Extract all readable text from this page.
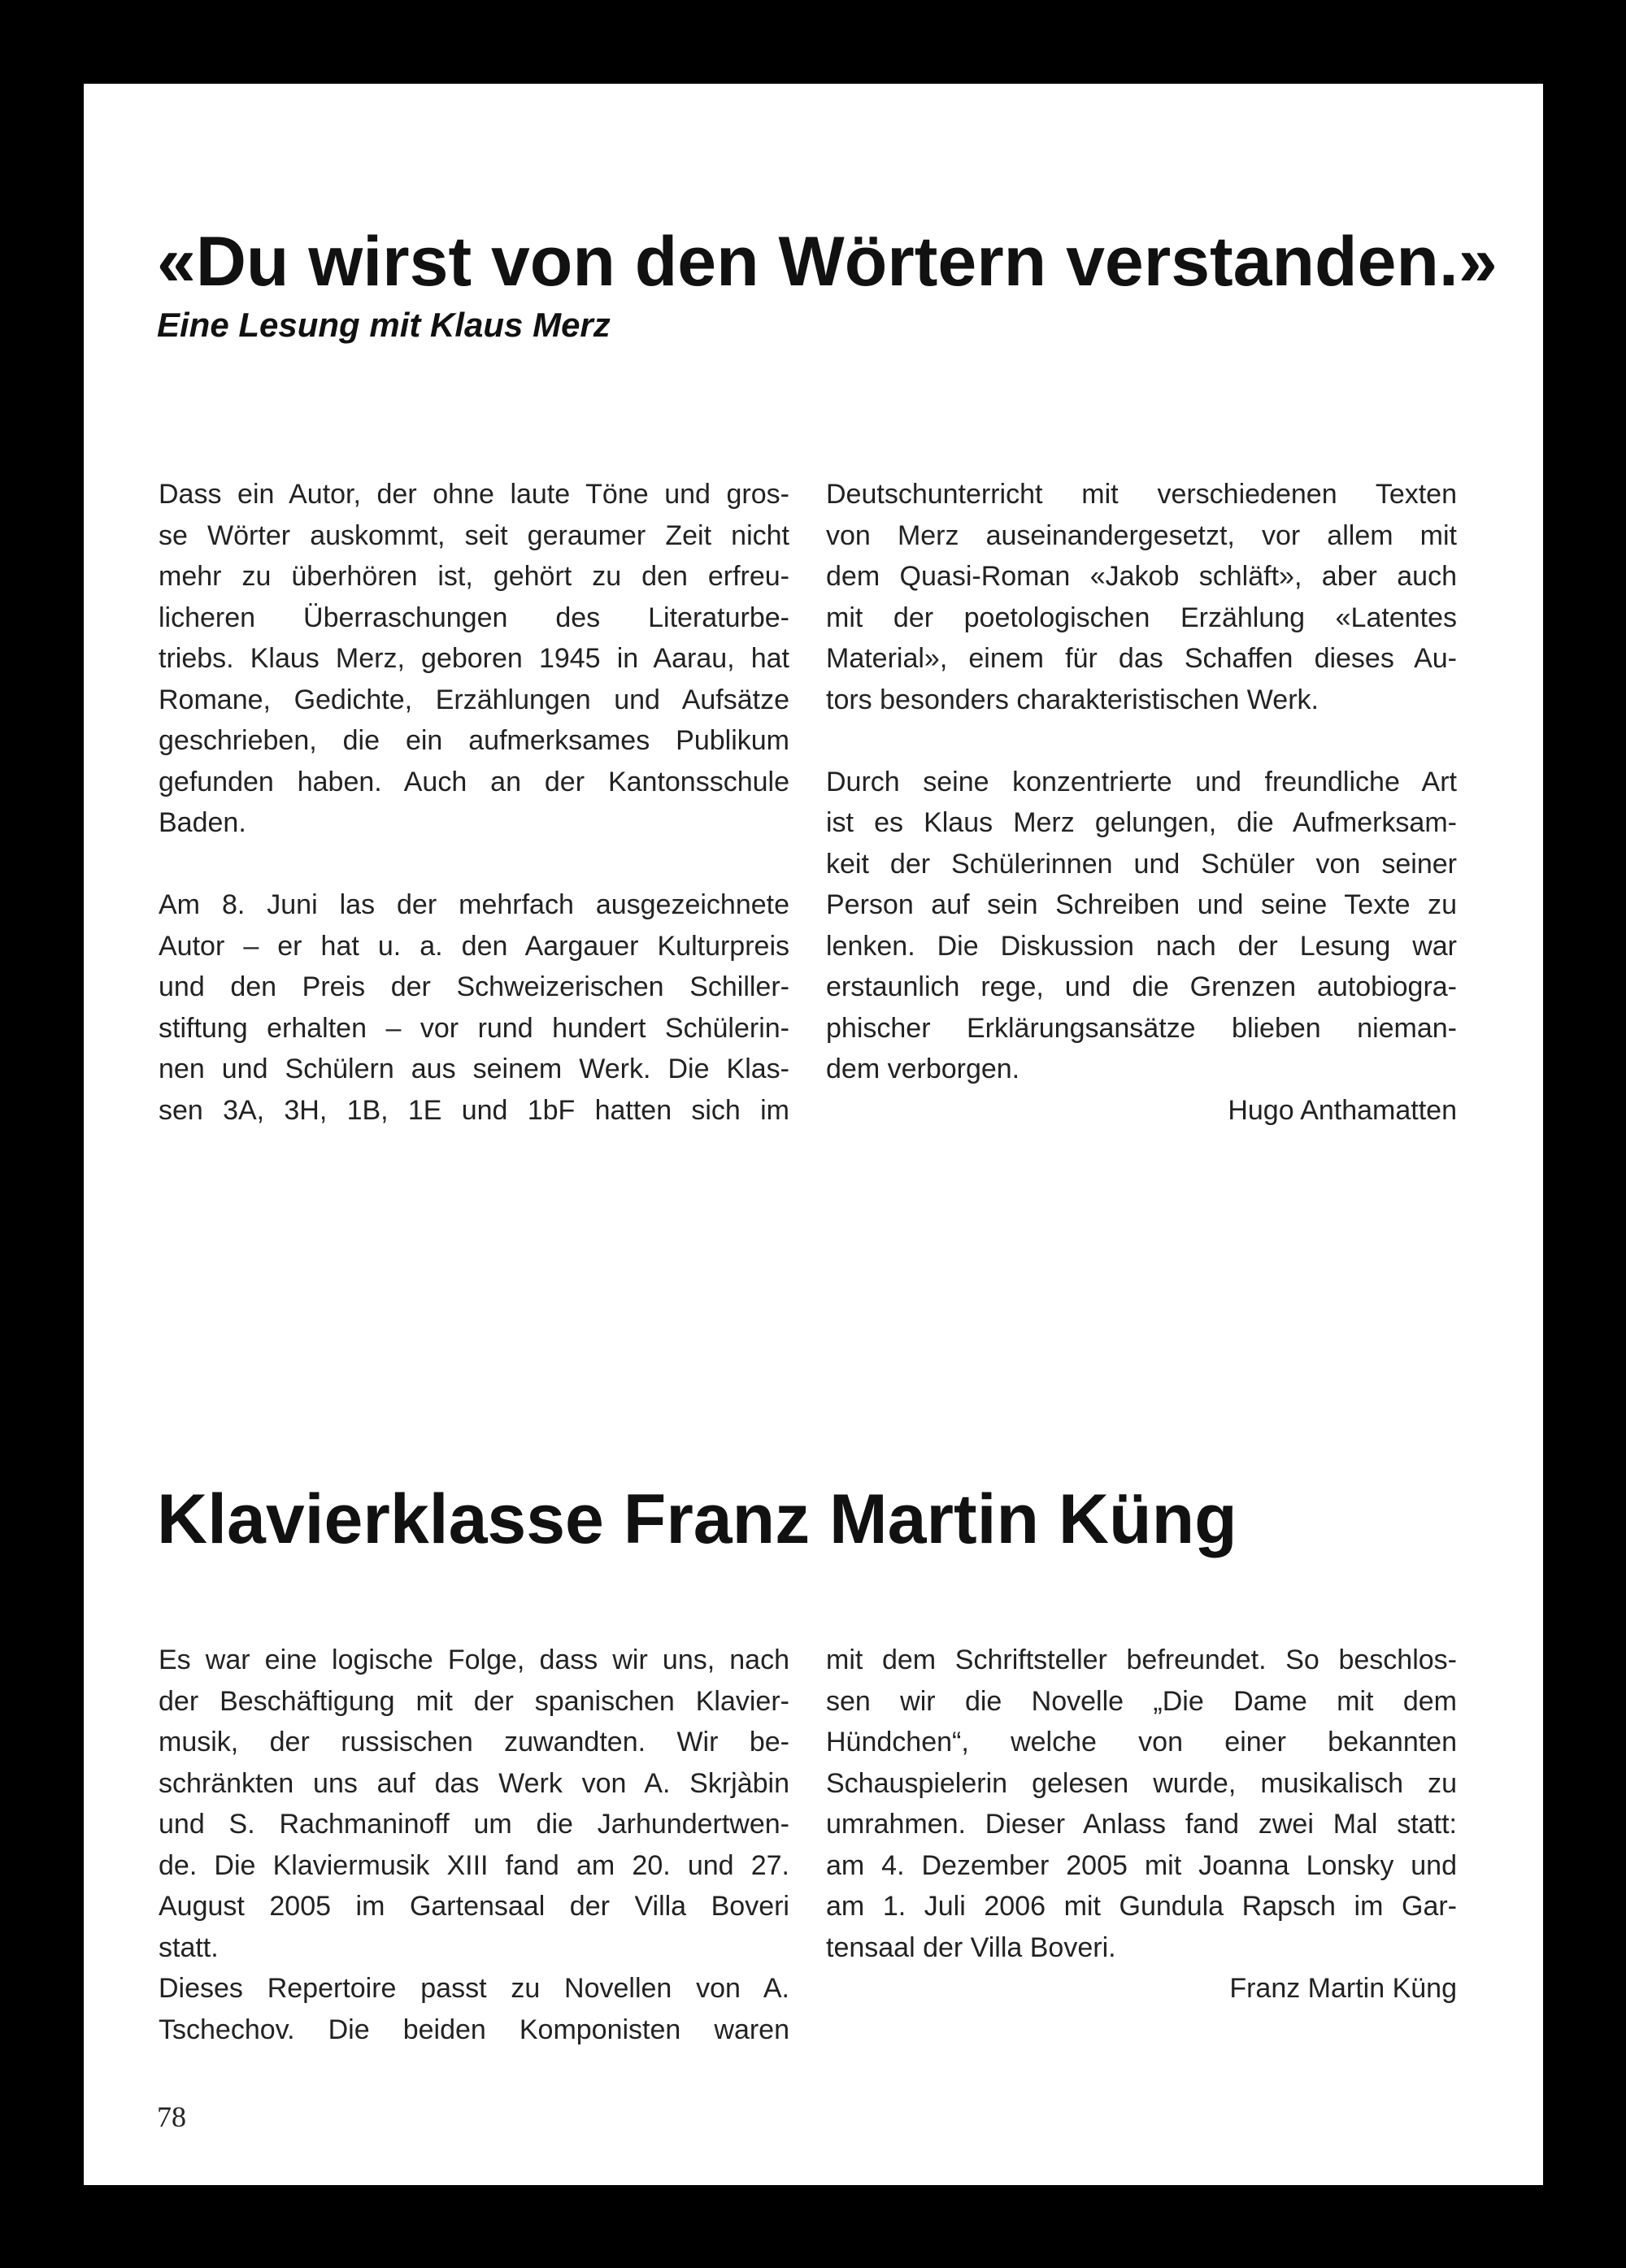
«Du wirst von den Wörtern verstanden.»
Eine Lesung mit Klaus Merz
Dass ein Autor, der ohne laute Töne und gros-
se Wörter auskommt, seit geraumer Zeit nicht
mehr zu überhören ist, gehört zu den erfreu-
licheren Überraschungen des Literaturbe-
triebs. Klaus Merz, geboren 1945 in Aarau, hat
Romane, Gedichte, Erzählungen und Aufsätze
geschrieben, die ein aufmerksames Publikum
gefunden haben. Auch an der Kantonsschule
Baden.
Am 8. Juni las der mehrfach ausgezeichnete
Autor – er hat u. a. den Aargauer Kulturpreis
und den Preis der Schweizerischen Schiller-
stiftung erhalten – vor rund hundert Schülerin-
nen und Schülern aus seinem Werk. Die Klas-
sen 3A, 3H, 1B, 1E und 1bF hatten sich im
Deutschunterricht mit verschiedenen Texten
von Merz auseinandergesetzt, vor allem mit
dem Quasi-Roman «Jakob schläft», aber auch
mit der poetologischen Erzählung «Latentes
Material», einem für das Schaffen dieses Au-
tors besonders charakteristischen Werk.
Durch seine konzentrierte und freundliche Art
ist es Klaus Merz gelungen, die Aufmerksam-
keit der Schülerinnen und Schüler von seiner
Person auf sein Schreiben und seine Texte zu
lenken. Die Diskussion nach der Lesung war
erstaunlich rege, und die Grenzen autobiogra-
phischer Erklärungsansätze blieben nieman-
dem verborgen.
Hugo Anthamatten
Klavierklasse Franz Martin Küng
Es war eine logische Folge, dass wir uns, nach
der Beschäftigung mit der spanischen Klavier-
musik, der russischen zuwandten. Wir be-
schränkten uns auf das Werk von A. Skrjàbin
und S. Rachmaninoff um die Jarhundertwen-
de. Die Klaviermusik XIII fand am 20. und 27.
August 2005 im Gartensaal der Villa Boveri
statt.
Dieses Repertoire passt zu Novellen von A.
Tschechov. Die beiden Komponisten waren
mit dem Schriftsteller befreundet. So beschlos-
sen wir die Novelle „Die Dame mit dem
Hündchen“, welche von einer bekannten
Schauspielerin gelesen wurde, musikalisch zu
umrahmen. Dieser Anlass fand zwei Mal statt:
am 4. Dezember 2005 mit Joanna Lonsky und
am 1. Juli 2006 mit Gundula Rapsch im Gar-
tensaal der Villa Boveri.
Franz Martin Küng
78
